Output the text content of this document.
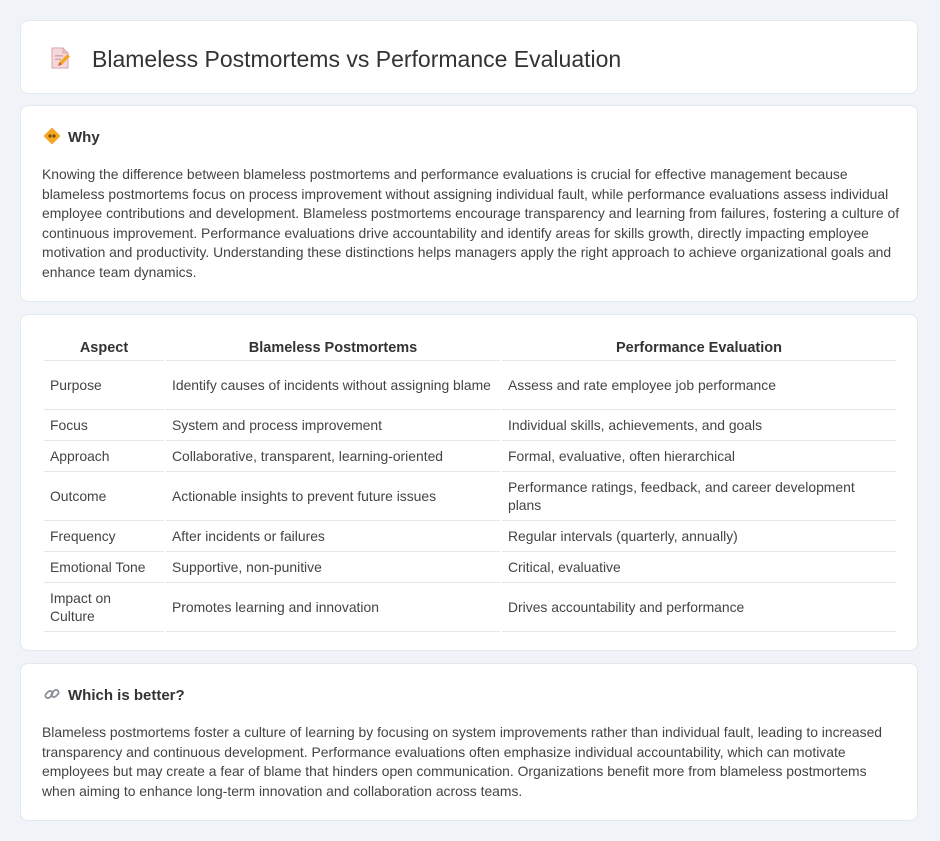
Blameless Postmortems vs Performance Evaluation
Why

Knowing the difference between blameless postmortems and performance evaluations is crucial for effective management because blameless postmortems focus on process improvement without assigning individual fault, while performance evaluations assess individual employee contributions and development. Blameless postmortems encourage transparency and learning from failures, fostering a culture of continuous improvement. Performance evaluations drive accountability and identify areas for skills growth, directly impacting employee motivation and productivity. Understanding these distinctions helps managers apply the right approach to achieve organizational goals and enhance team dynamics.

Aspect	Blameless Postmortems	Performance Evaluation
Purpose	Identify causes of incidents without assigning blame	Assess and rate employee job performance
Focus	System and process improvement	Individual skills, achievements, and goals
Approach	Collaborative, transparent, learning-oriented	Formal, evaluative, often hierarchical
Outcome	Actionable insights to prevent future issues	Performance ratings, feedback, and career development plans
Frequency	After incidents or failures	Regular intervals (quarterly, annually)
Emotional Tone	Supportive, non-punitive	Critical, evaluative
Impact on Culture	Promotes learning and innovation	Drives accountability and performance
Which is better?

Blameless postmortems foster a culture of learning by focusing on system improvements rather than individual fault, leading to increased transparency and continuous development. Performance evaluations often emphasize individual accountability, which can motivate employees but may create a fear of blame that hinders open communication. Organizations benefit more from blameless postmortems when aiming to enhance long-term innovation and collaboration across teams.
